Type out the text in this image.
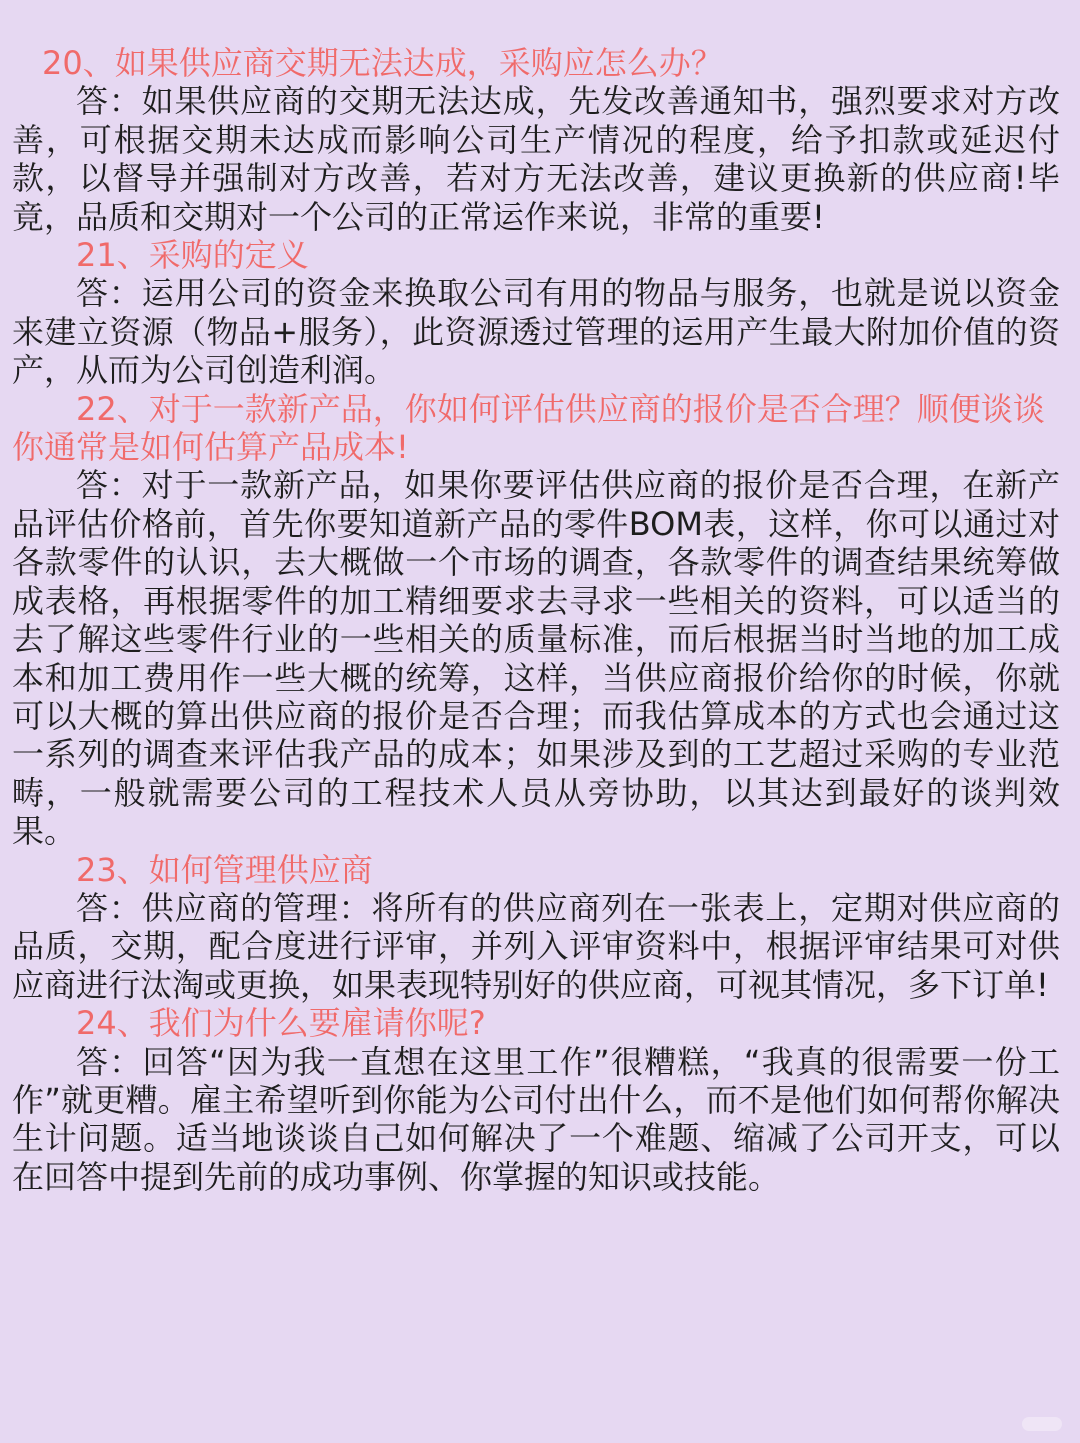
20、如果供应商交期无法达成，采购应怎么办？

答：如果供应商的交期无法达成，先发改善通知书，强烈要求对方改善，可根据交期未达成而影响公司生产情况的程度，给予扣款或延迟付款，以督导并强制对方改善，若对方无法改善，建议更换新的供应商!毕竟，品质和交期对一个公司的正常运作来说，非常的重要!

21、采购的定义

答：运用公司的资金来换取公司有用的物品与服务，也就是说以资金来建立资源（物品+服务），此资源透过管理的运用产生最大附加价值的资产，从而为公司创造利润。

22、对于一款新产品，你如何评估供应商的报价是否合理？顺便谈谈你通常是如何估算产品成本!

答：对于一款新产品，如果你要评估供应商的报价是否合理，在新产品评估价格前，首先你要知道新产品的零件BOM表，这样，你可以通过对各款零件的认识，去大概做一个市场的调查，各款零件的调查结果统筹做成表格，再根据零件的加工精细要求去寻求一些相关的资料，可以适当的去了解这些零件行业的一些相关的质量标准，而后根据当时当地的加工成本和加工费用作一些大概的统筹，这样，当供应商报价给你的时候，你就可以大概的算出供应商的报价是否合理；而我估算成本的方式也会通过这一系列的调查来评估我产品的成本；如果涉及到的工艺超过采购的专业范畴，一般就需要公司的工程技术人员从旁协助，以其达到最好的谈判效果。

23、如何管理供应商

答：供应商的管理：将所有的供应商列在一张表上，定期对供应商的品质，交期，配合度进行评审，并列入评审资料中，根据评审结果可对供应商进行汰淘或更换，如果表现特别好的供应商，可视其情况，多下订单!

24、我们为什么要雇请你呢?

答：回答“因为我一直想在这里工作”很糟糕，“我真的很需要一份工作”就更糟。雇主希望听到你能为公司付出什么，而不是他们如何帮你解决生计问题。适当地谈谈自己如何解决了一个难题、缩减了公司开支，可以在回答中提到先前的成功事例、你掌握的知识或技能。
